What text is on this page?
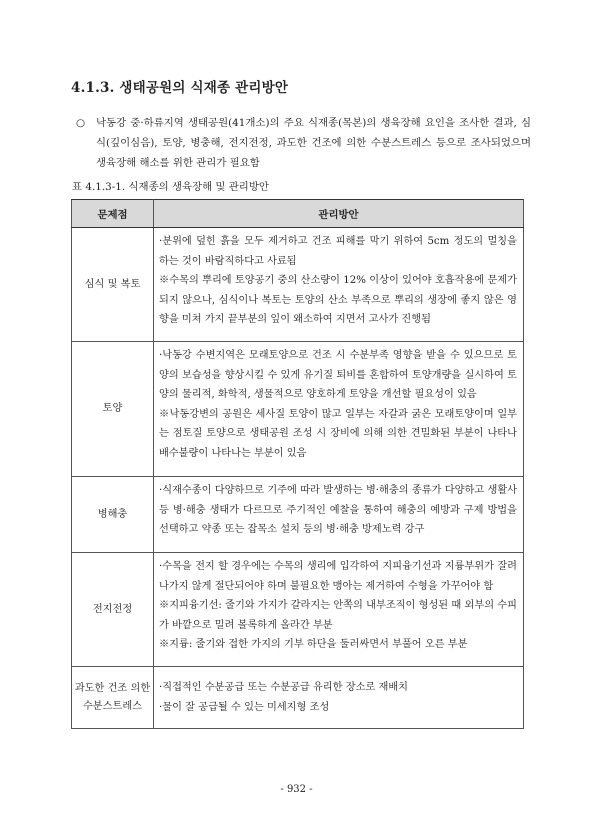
4.1.3. 생태공원의 식재종 관리방안
○ 낙동강 중·하류지역 생태공원(41개소)의 주요 식재종(목본)의 생육장해 요인을 조사한 결과, 심식(깊이심음), 토양, 병충해, 전지전정, 과도한 건조에 의한 수분스트레스 등으로 조사되었으며 생육장해 해소를 위한 관리가 필요함
표 4.1.3-1. 식재종의 생육장해 및 관리방안
문제점	관리방안
심식 및 복토	·분위에 덮힌 흙을 모두 제거하고 건조 피해를 막기 위하여 5cm 정도의 멀칭을 하는 것이 바람직하다고 사료됨
※수목의 뿌리에 토양공기 중의 산소량이 12% 이상이 있어야 호흡작용에 문제가 되지 않으나, 심식이나 복토는 토양의 산소 부족으로 뿌리의 생장에 좋지 않은 영향을 미쳐 가지 끝부분의 잎이 왜소하여 지면서 고사가 진행됨

토양	·낙동강 수변지역은 모래토양으로 건조 시 수분부족 영향을 받을 수 있으므로 토양의 보습성을 향상시킬 수 있게 유기질 퇴비를 혼합하여 토양개량을 실시하여 토양의 물리적, 화학적, 생물적으로 양호하게 토양을 개선할 필요성이 있음
※낙동강변의 공원은 세사질 토양이 많고 일부는 자갈과 굵은 모래토양이며 일부는 점토질 토양으로 생태공원 조성 시 장비에 의해 의한 견밀화된 부분이 나타나 배수불량이 나타나는 부분이 있음

병해충	·식재수종이 다양하므로 기주에 따라 발생하는 병·해충의 종류가 다양하고 생활사 등 병·해충 생태가 다르므로 주기적인 예찰을 통하여 해충의 예방과 구제 방법을 선택하고 약종 또는 잡목소 설치 등의 병·해충 방제노력 강구

전지전정	·수목을 전지 할 경우에는 수목의 생리에 입각하여 지피융기선과 지륭부위가 잘려나가지 않게 절단되어야 하며 불필요한 맹아는 제거하여 수형을 가꾸어야 함
※지피융기선: 줄기와 가지가 갈라지는 안쪽의 내부조직이 형성된 때 외부의 수피가 바깥으로 밀려 볼록하게 올라간 부분
※지륭: 줄기와 접한 가지의 기부 하단을 둘러싸면서 부풀어 오른 부분

과도한 건조 의한 수분스트레스	·직접적인 수분공급 또는 수분공급 유리한 장소로 재배치
·물이 잘 공급될 수 있는 미세지형 조성
- 932 -
